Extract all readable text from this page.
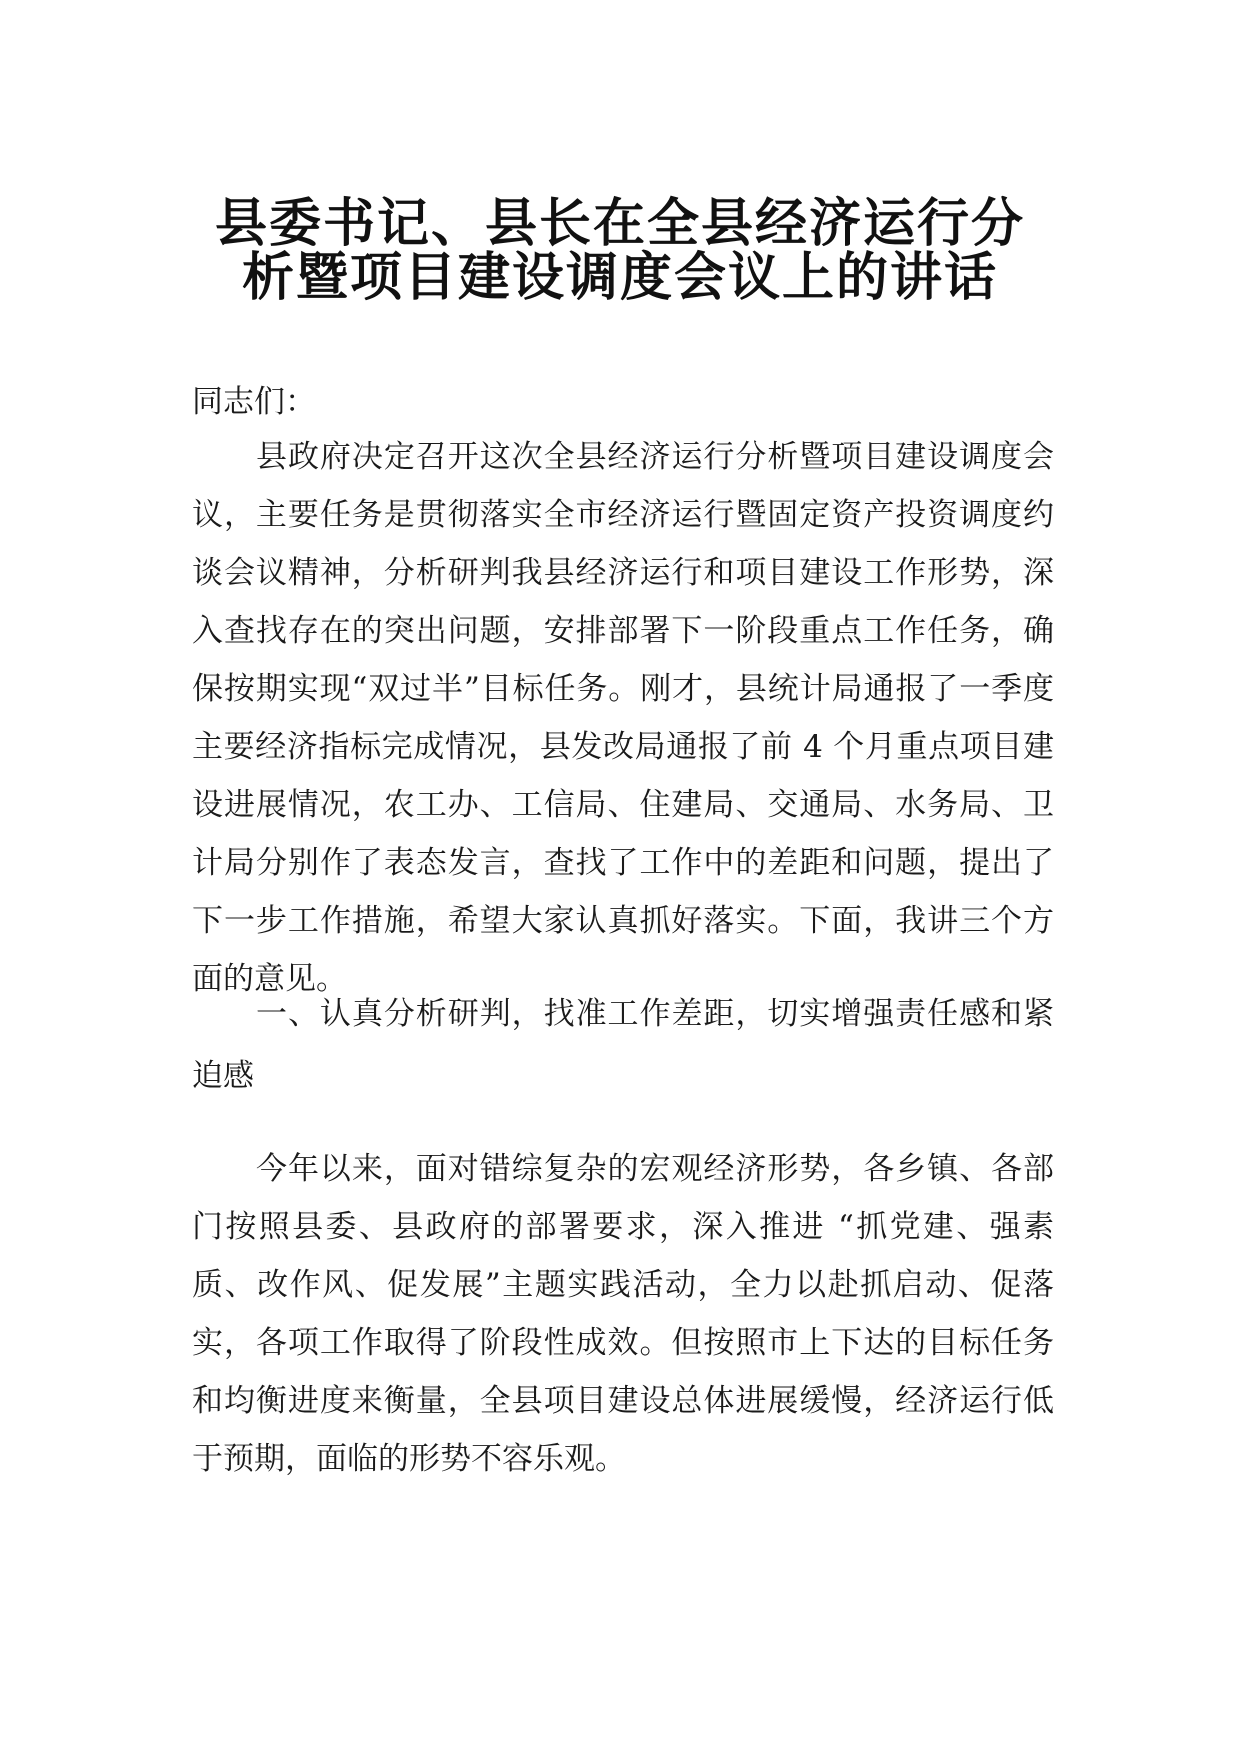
县委书记、县长在全县经济运行分
析暨项目建设调度会议上的讲话

同志们：

县政府决定召开这次全县经济运行分析暨项目建设调度会议，主要任务是贯彻落实全市经济运行暨固定资产投资调度约谈会议精神，分析研判我县经济运行和项目建设工作形势，深入查找存在的突出问题，安排部署下一阶段重点工作任务，确保按期实现“双过半”目标任务。刚才，县统计局通报了一季度主要经济指标完成情况，县发改局通报了前 4 个月重点项目建设进展情况，农工办、工信局、住建局、交通局、水务局、卫计局分别作了表态发言，查找了工作中的差距和问题，提出了下一步工作措施，希望大家认真抓好落实。下面，我讲三个方面的意见。

一、认真分析研判，找准工作差距，切实增强责任感和紧迫感

今年以来，面对错综复杂的宏观经济形势，各乡镇、各部门按照县委、县政府的部署要求，深入推进 “抓党建、强素质、改作风、促发展”主题实践活动，全力以赴抓启动、促落实，各项工作取得了阶段性成效。但按照市上下达的目标任务和均衡进度来衡量，全县项目建设总体进展缓慢，经济运行低于预期，面临的形势不容乐观。
